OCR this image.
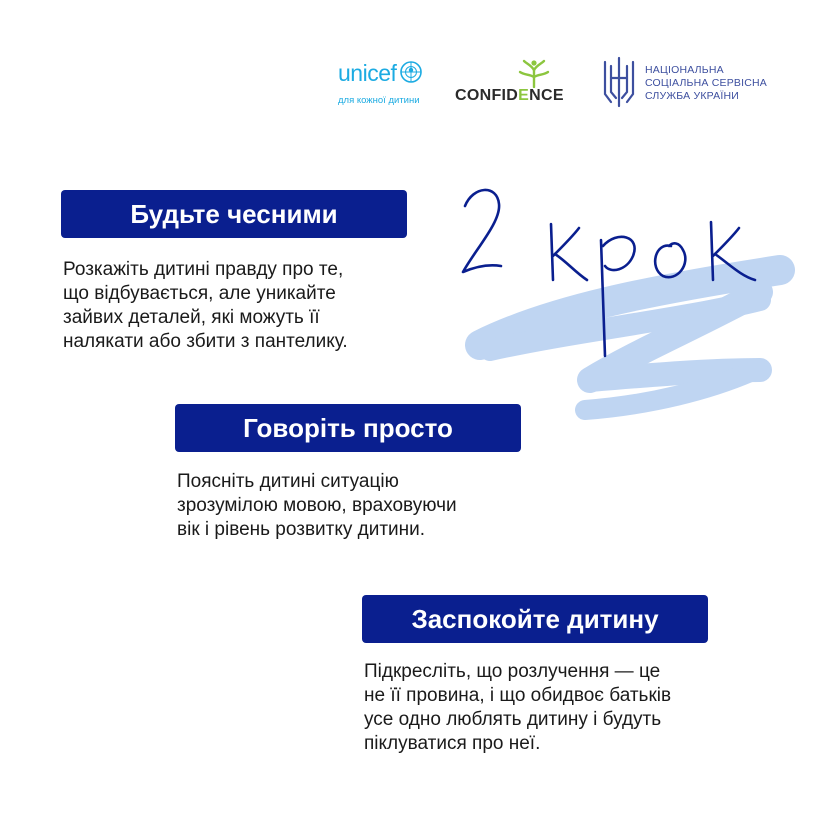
unicef
для кожної дитини CONFIDENCE
НАЦІОНАЛЬНА
СОЦІАЛЬНА СЕРВІСНА
СЛУЖБА УКРАЇНИ
Будьте чесними
Розкажіть дитині правду про те,
що відбувається, але уникайте
зайвих деталей, які можуть її
налякати або збити з пантелику.
Говоріть просто
Поясніть дитині ситуацію
зрозумілою мовою, враховуючи
вік і рівень розвитку дитини.
Заспокойте дитину
Підкресліть, що розлучення — це
не її провина, і що обидвоє батьків
усе одно люблять дитину і будуть
піклуватися про неї.
